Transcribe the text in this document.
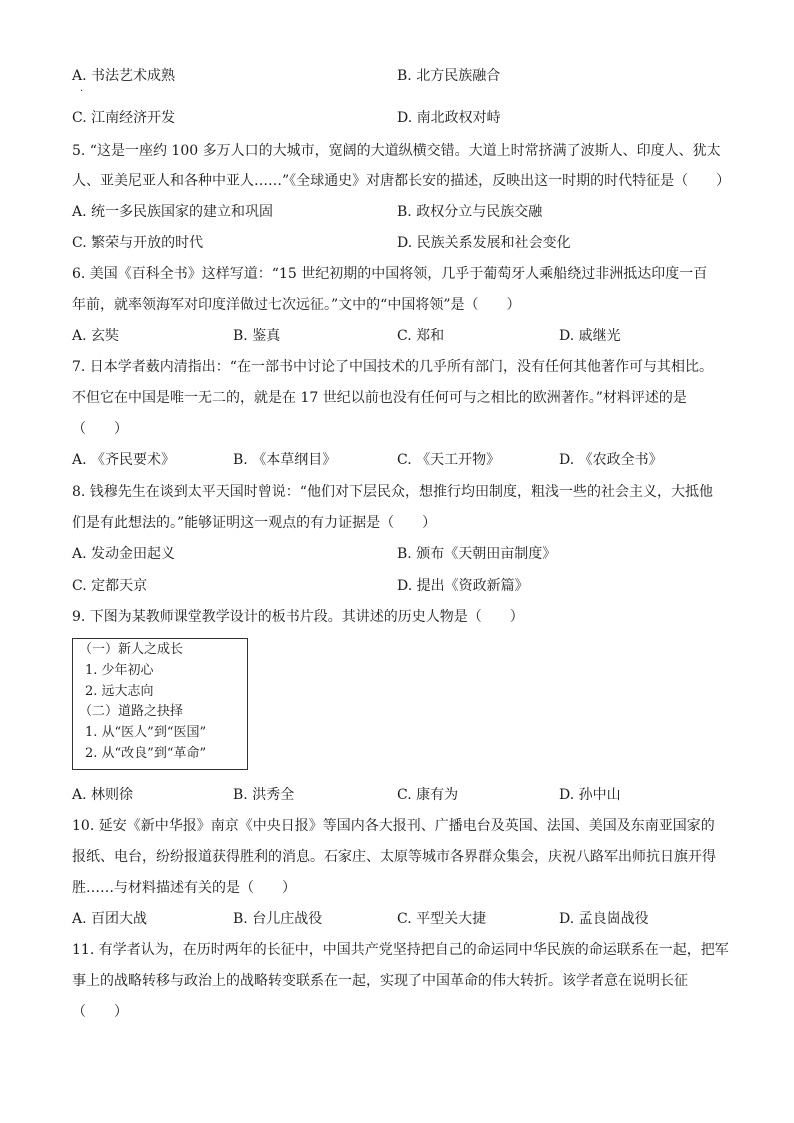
A. 书法艺术成熟	B. 北方民族融合
·
C. 江南经济开发	D. 南北政权对峙
5. “这是一座约 100 多万人口的大城市，宽阔的大道纵横交错。大道上时常挤满了波斯人、印度人、犹太
人、亚美尼亚人和各种中亚人……”《全球通史》对唐都长安的描述，反映出这一时期的时代特征是（　　）
A. 统一多民族国家的建立和巩固	B. 政权分立与民族交融
C. 繁荣与开放的时代	D. 民族关系发展和社会变化
6. 美国《百科全书》这样写道：“15 世纪初期的中国将领，几乎于葡萄牙人乘船绕过非洲抵达印度一百
年前，就率领海军对印度洋做过七次远征。”文中的“中国将领”是（　　）
A. 玄奘	B. 鉴真	C. 郑和	D. 戚继光
7. 日本学者薮内清指出：“在一部书中讨论了中国技术的几乎所有部门，没有任何其他著作可与其相比。
不但它在中国是唯一无二的，就是在 17 世纪以前也没有任何可与之相比的欧洲著作。”材料评述的是
（　　）
A. 《齐民要术》	B. 《本草纲目》	C. 《天工开物》	D. 《农政全书》
8. 钱穆先生在谈到太平天国时曾说：“他们对下层民众，想推行均田制度，粗浅一些的社会主义，大抵他
们是有此想法的。”能够证明这一观点的有力证据是（　　）
A. 发动金田起义	B. 颁布《天朝田亩制度》
C. 定都天京	D. 提出《资政新篇》
9. 下图为某教师课堂教学设计的板书片段。其讲述的历史人物是（　　）
（一）新人之成长
1. 少年初心
2. 远大志向
（二）道路之抉择
1. 从“医人”到“医国”
2. 从“改良”到“革命”
A. 林则徐	B. 洪秀全	C. 康有为	D. 孙中山
10. 延安《新中华报》南京《中央日报》等国内各大报刊、广播电台及英国、法国、美国及东南亚国家的
报纸、电台，纷纷报道获得胜利的消息。石家庄、太原等城市各界群众集会，庆祝八路军出师抗日旗开得
胜……与材料描述有关的是（　　）
A. 百团大战	B. 台儿庄战役	C. 平型关大捷	D. 孟良崮战役
11. 有学者认为，在历时两年的长征中，中国共产党坚持把自己的命运同中华民族的命运联系在一起，把军
事上的战略转移与政治上的战略转变联系在一起，实现了中国革命的伟大转折。该学者意在说明长征
（　　）
